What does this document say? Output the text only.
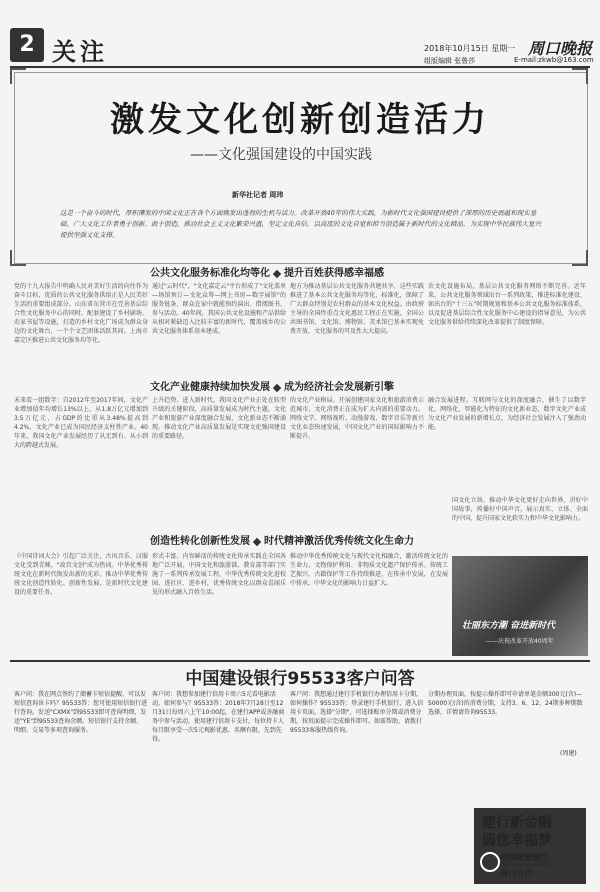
2 关注	2018年10月15日 星期一 周口晚报
组版编辑 张鲁莎	E-mail:zkwb@163.com
激发文化创新创造活力
——文化强国建设的中国实践
新华社记者 周玮
这是一个奋斗的时代，厚积薄发的中国文化正在各个方面焕发出蓬勃的生机与活力。改革开放40年的伟大实践，为新时代文化强国建设提供了深厚的历史底蕴和现实基础。广大文化工作者勇于创新、敢于创造，推动社会主义文化繁荣兴盛，坚定文化自信，以高度的文化自觉和担当创造属于新时代的文化精品，为实现中华民族伟大复兴提供坚强文化支撑。
公共文化服务标准化均等化 提升百姓获得感幸福感
党的十九大报告中明确人民对美好生活的向往作为奋斗目标，优质的公共文化服务供给正是人民美好生活的重要组成部分。山东省东营市在完善基层综合性文化服务中心的同时，配套建设了乡村剧场、农家书屋等设施，打造的乡村文化广场成为群众身边的文化舞台，一个个文艺团体活跃其间。上海市嘉定区推进公共文化服务均等化。
通过"云时代"，"文化嘉定云"平台形成了"文化菜单—场馆预订—文化众筹—网上书房—数字展馆"的服务链条，群众在家中就能预约演出、借阅图书、参与活动。40年间，我国公共文化设施和产品供给从相对紧缺迈入比较丰富的新时代，覆盖城乡的公共文化服务体系基本建成。
地方为推动基层公共文化服务共建共享，这些实践推进了基本公共文化服务均等化、标准化，保障了广大群众特别是农村群众的基本文化权益。由政府主导的全国性重点文化惠民工程正在实施，全国公共图书馆、文化馆、博物馆、美术馆已基本实现免费开放，文化服务的可及性大大提高。
农文化设施布局，基层公共文化服务网络不断完善。近年来，公共文化服务领域出台一系列政策，推进标准化建设，如出台的"十三五"时期规划和基本公共文化服务标准体系，以及促进基层综合性文化服务中心建设的指导意见，为公共文化服务供给持续深化改革提供了制度保障。
文化产业健康持续加快发展 成为经济社会发展新引擎
未来看一组数字：自2012年至2017年间，文化产业增加值年均增长13%以上，从1.8万亿元增加到3.5万亿元，占GDP的比重从3.48%提高到4.2%，文化产业已成为国民经济支柱性产业。40年来，我国文化产业发展经历了从无到有、从小到大的跨越式发展。
上升趋势。进入新时代，我国文化产业正处在转型升级的关键阶段，高质量发展成为时代主题，文化产业和旅游产业深度融合发展，文化新业态不断涌现。推动文化产业高质量发展是实现文化强国建设的重要路径。
的文化产业格局。开展创建国家文化和旅游消费示范城市，文化消费正在成为扩大内需的重要动力。网络文学、网络视听、动漫游戏、数字音乐等新兴文化业态快速发展，中国文化产业的国际影响力不断提升。
融合发展进程。互联网与文化的深度融合，催生了以数字化、网络化、智能化为特征的文化新业态，数字文化产业成为文化产业发展的新增长点，为经济社会发展注入了强劲动能。
创造性转化创新性发展 时代精神激活优秀传统文化生命力
《中国诗词大会》引起广泛关注，古风音乐、汉服文化受到青睐，"故宫文创"成为热词。中华优秀传统文化在新时代焕发出新的光彩。推动中华优秀传统文化创造性转化、创新性发展，是新时代文化建设的重要任务。
形式丰富、内容鲜活的传统文化传承实践在全国各地广泛开展，中国文化和旅游部、教育部等部门实施了一系列传承发展工程，中华优秀传统文化进校园、进社区、进乡村，优秀传统文化以群众喜闻乐见的形式融入百姓生活。
推动中华优秀传统文化与现代文化相融合，激活传统文化的生命力。文物保护利用、非物质文化遗产保护传承、传统工艺振兴、古籍保护等工作持续推进，在传承中发展，在发展中传承，中华文化的影响力日益扩大。
国文化立场，推动中华文化更好走向世界，讲好中国故事，传播好中国声音，展示真实、立体、全面的中国，提升国家文化软实力和中华文化影响力。
壮丽东方潮 奋进新时代
——庆祝改革开放40周年
中国建设银行95533客户问答
客户问：我在网点签约了储蓄卡短信提醒，可以发短信查询该卡吗？95533答：您可使用短信银行进行查询。发送"CXMX"到95533即可查询明细，发送"YE"到95533查询余额。短信银行支持余额、明细、交易等多项查询服务。
客户问：我想参加建行信用卡周六5元看电影活动，如何参与？95533答：2018年7月28日至12月31日每周六上午10:00起，在建行APP或善融商务中参与活动，使用建行信用卡支付，每位持卡人每月限享受一次5元观影优惠，名额有限，先到先得。
客户问：我想通过建行手机银行办理信用卡分期，如何操作？95533答：登录建行手机银行，进入信用卡页面，选择"分期"，可选择账单分期或消费分期，按页面提示完成操作即可。如需帮助，请拨打95533客服热线咨询。
分期办理页面，按提示操作即可申请单笔金额300元(含)—50000元(含)的消费分期，支持3、6、12、24期多种期数选择，详情请咨询95533。
(周建)
建行新金融
圆您幸福梦
中国建设银行
China Construction Bank
周口分行
